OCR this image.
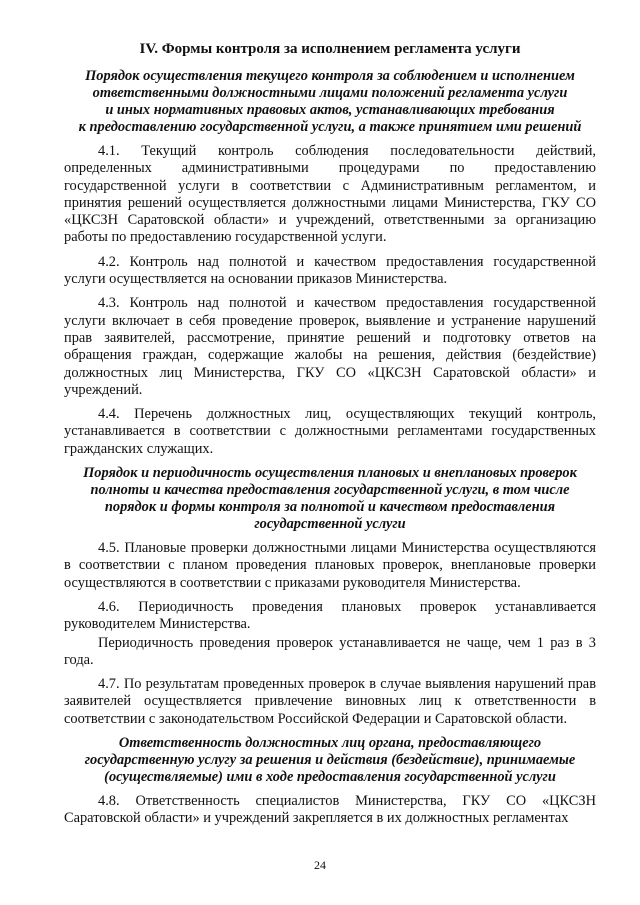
IV. Формы контроля за исполнением регламента услуги
Порядок осуществления текущего контроля за соблюдением и исполнением
ответственными должностными лицами положений регламента услуги
и иных нормативных правовых актов, устанавливающих требования
к предоставлению государственной услуги, а также принятием ими решений

4.1. Текущий контроль соблюдения последовательности действий, определенных административными процедурами по предоставлению государственной услуги в соответствии с Административным регламентом, и принятия решений осуществляется должностными лицами Министерства, ГКУ СО «ЦКСЗН Саратовской области» и учреждений, ответственными за организацию работы по предоставлению государственной услуги.

4.2. Контроль над полнотой и качеством предоставления государственной услуги осуществляется на основании приказов Министерства.

4.3. Контроль над полнотой и качеством предоставления государственной услуги включает в себя проведение проверок, выявление и устранение нарушений прав заявителей, рассмотрение, принятие решений и подготовку ответов на обращения граждан, содержащие жалобы на решения, действия (бездействие) должностных лиц Министерства, ГКУ СО «ЦКСЗН Саратовской области» и учреждений.

4.4. Перечень должностных лиц, осуществляющих текущий контроль, устанавливается в соответствии с должностными регламентами государственных гражданских служащих.

Порядок и периодичность осуществления плановых и внеплановых проверок
полноты и качества предоставления государственной услуги, в том числе
порядок и формы контроля за полнотой и качеством предоставления
государственной услуги

4.5. Плановые проверки должностными лицами Министерства осуществляются в соответствии с планом проведения плановых проверок, внеплановые проверки осуществляются в соответствии с приказами руководителя Министерства.

4.6. Периодичность проведения плановых проверок устанавливается руководителем Министерства.

Периодичность проведения проверок устанавливается не чаще, чем 1 раз в 3 года.

4.7. По результатам проведенных проверок в случае выявления нарушений прав заявителей осуществляется привлечение виновных лиц к ответственности в соответствии с законодательством Российской Федерации и Саратовской области.

Ответственность должностных лиц органа, предоставляющего
государственную услугу за решения и действия (бездействие), принимаемые
(осуществляемые) ими в ходе предоставления государственной услуги

4.8. Ответственность специалистов Министерства, ГКУ СО «ЦКСЗН Саратовской области» и учреждений закрепляется в их должностных регламентах

24
